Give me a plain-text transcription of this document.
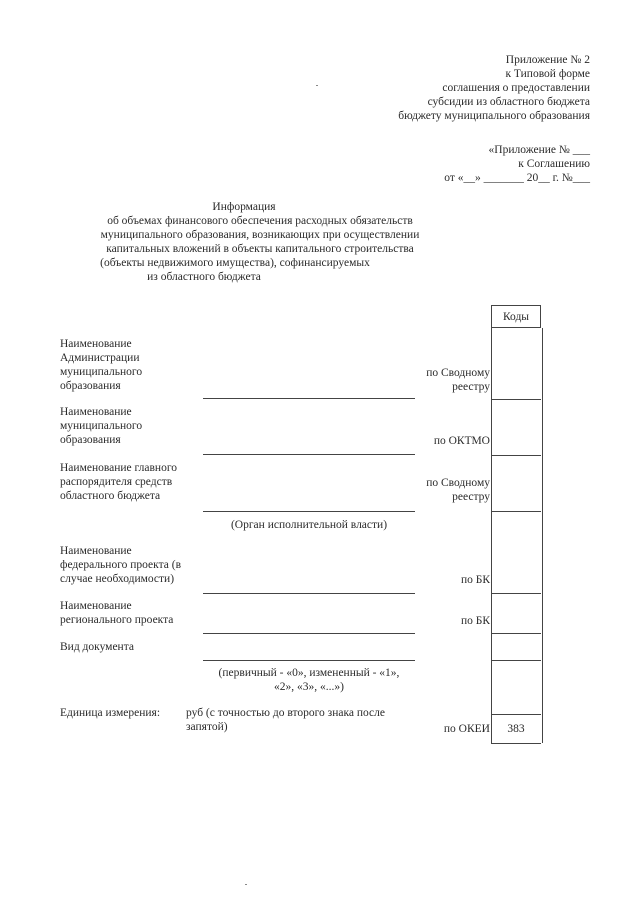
Приложение № 2
к Типовой форме
соглашения о предоставлении
субсидии из областного бюджета
бюджету муниципального образования
«Приложение № ___
к Соглашению
от «__» _______ 20__ г. №___
Информация
об объемах финансового обеспечения расходных обязательств
муниципального образования, возникающих при осуществлении
капитальных вложений в объекты капитального строительства
(объекты недвижимого имущества), софинансируемых
из областного бюджета
Коды
Наименование
Администрации
муниципального
образования
по Сводному
реестру
Наименование
муниципального
образования	по ОКТМО
Наименование главного
распорядителя средств
областного бюджета
по Сводному
реестру
(Орган исполнительной власти)
Наименование
федерального проекта (в
случае необходимости)	по БК
Наименование
регионального проекта	по БК
Вид документа
(первичный - «0», измененный - «1»,
«2», «3», «...»)
Единица измерения:	руб (с точностью до второго знака после
запятой)	по ОКЕИ	383
